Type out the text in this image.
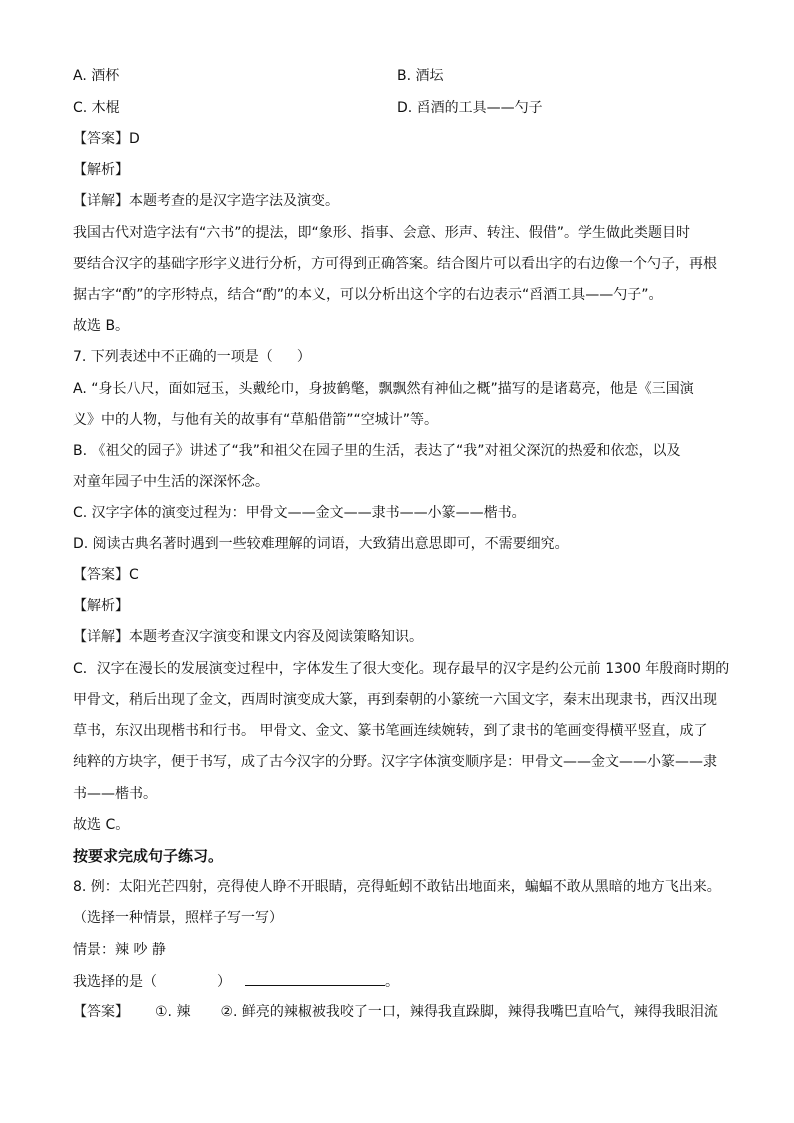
A. 酒杯	B. 酒坛
C. 木棍	D. 舀酒的工具——勺子
【答案】D
【解析】
【详解】本题考查的是汉字造字法及演变。
我国古代对造字法有“六书”的提法，即“象形、指事、会意、形声、转注、假借”。学生做此类题目时
要结合汉字的基础字形字义进行分析，方可得到正确答案。结合图片可以看出字的右边像一个勺子，再根
据古字“酌”的字形特点，结合“酌”的本义，可以分析出这个字的右边表示“舀酒工具——勺子”。
故选 B。
7. 下列表述中不正确的一项是（ ）
A. “身长八尺，面如冠玉，头戴纶巾，身披鹤氅，飘飘然有神仙之概”描写的是诸葛亮，他是《三国演
义》中的人物，与他有关的故事有“草船借箭”“空城计”等。
B. 《祖父的园子》讲述了“我”和祖父在园子里的生活，表达了“我”对祖父深沉的热爱和依恋，以及
对童年园子中生活的深深怀念。
C. 汉字字体的演变过程为：甲骨文——金文——隶书——小篆——楷书。
D. 阅读古典名著时遇到一些较难理解的词语，大致猜出意思即可，不需要细究。
【答案】C
【解析】
【详解】本题考查汉字演变和课文内容及阅读策略知识。
C．汉字在漫长的发展演变过程中，字体发生了很大变化。现存最早的汉字是约公元前 1300 年殷商时期的
甲骨文，稍后出现了金文，西周时演变成大篆，再到秦朝的小篆统一六国文字，秦末出现隶书，西汉出现
草书，东汉出现楷书和行书。 甲骨文、金文、篆书笔画连续婉转，到了隶书的笔画变得横平竖直，成了
纯粹的方块字，便于书写，成了古今汉字的分野。汉字字体演变顺序是：甲骨文——金文——小篆——隶
书——楷书。
故选 C。
按要求完成句子练习。
8. 例：太阳光芒四射，亮得使人睁不开眼睛，亮得蚯蚓不敢钻出地面来，蝙蝠不敢从黑暗的地方飞出来。
（选择一种情景，照样子写一写）
情景：辣 吵 静
我选择的是（	）	。
【答案】 ①. 辣 ②. 鲜亮的辣椒被我咬了一口，辣得我直跺脚，辣得我嘴巴直哈气，辣得我眼泪流
